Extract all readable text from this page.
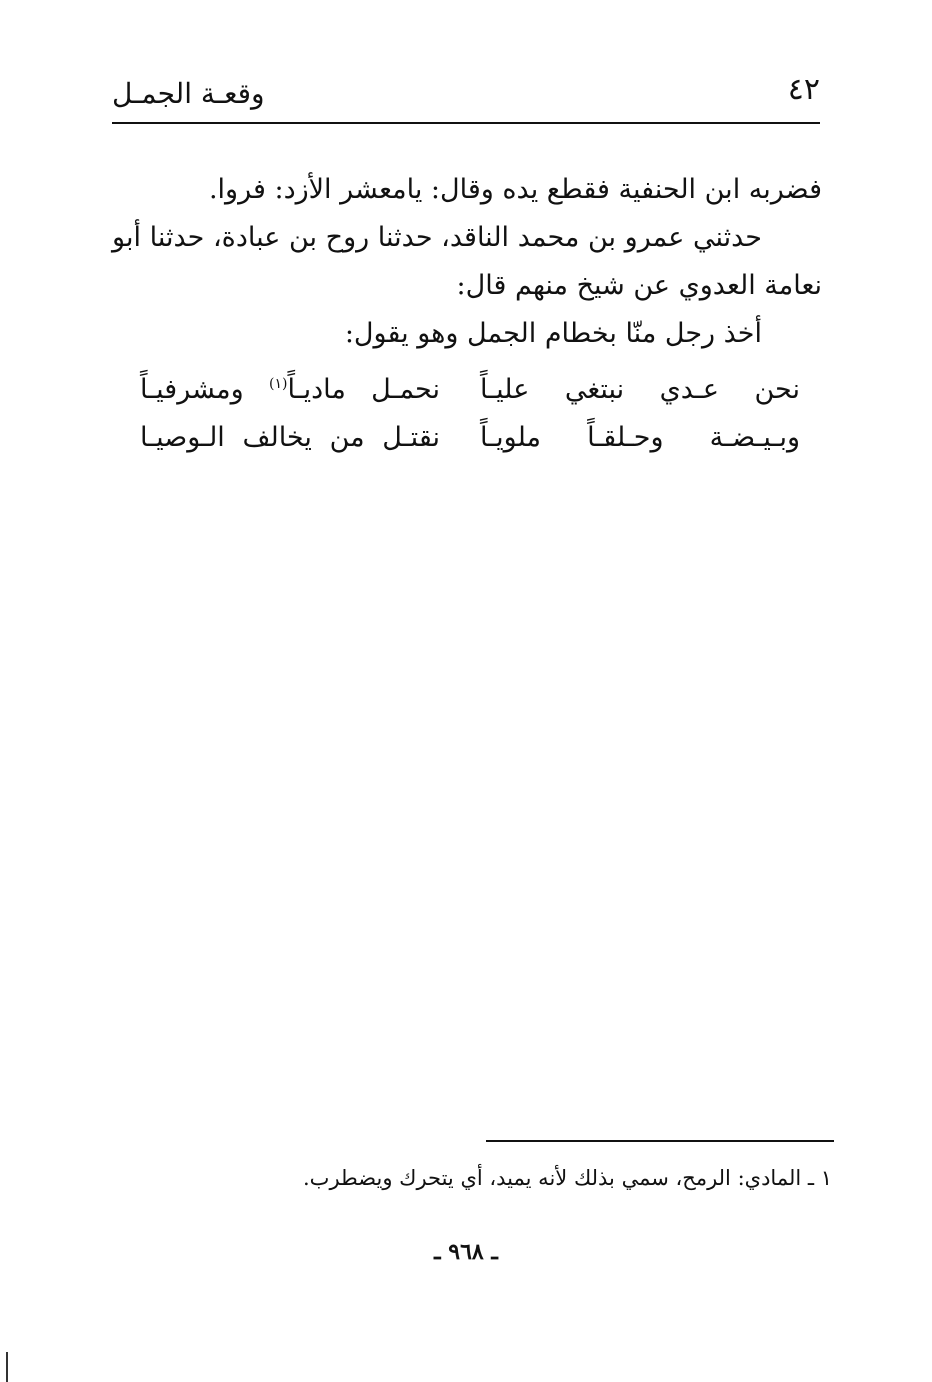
٤٢
وقعـة الجمـل

فضربه ابن الحنفية فقطع يده وقال: يامعشر الأزد: فروا.

حدثني عمرو بن محمد الناقد، حدثنا روح بن عبادة، حدثنا أبو نعامة العدوي عن شيخ منهم قال:

أخذ رجل منّا بخطام الجمل وهو يقول:

نحن عـدي نبتغي عليـاً
نحمـل ماديـاً$^{(١)}$ ومشرفيـاً
وبـيـضـة وحـلقـاً ملويـاً
نقتـل من يخالف الـوصيـا
١ ـ المادي: الرمح، سمي بذلك لأنه يميد، أي يتحرك ويضطرب.
ـ ٩٦٨ ـ
